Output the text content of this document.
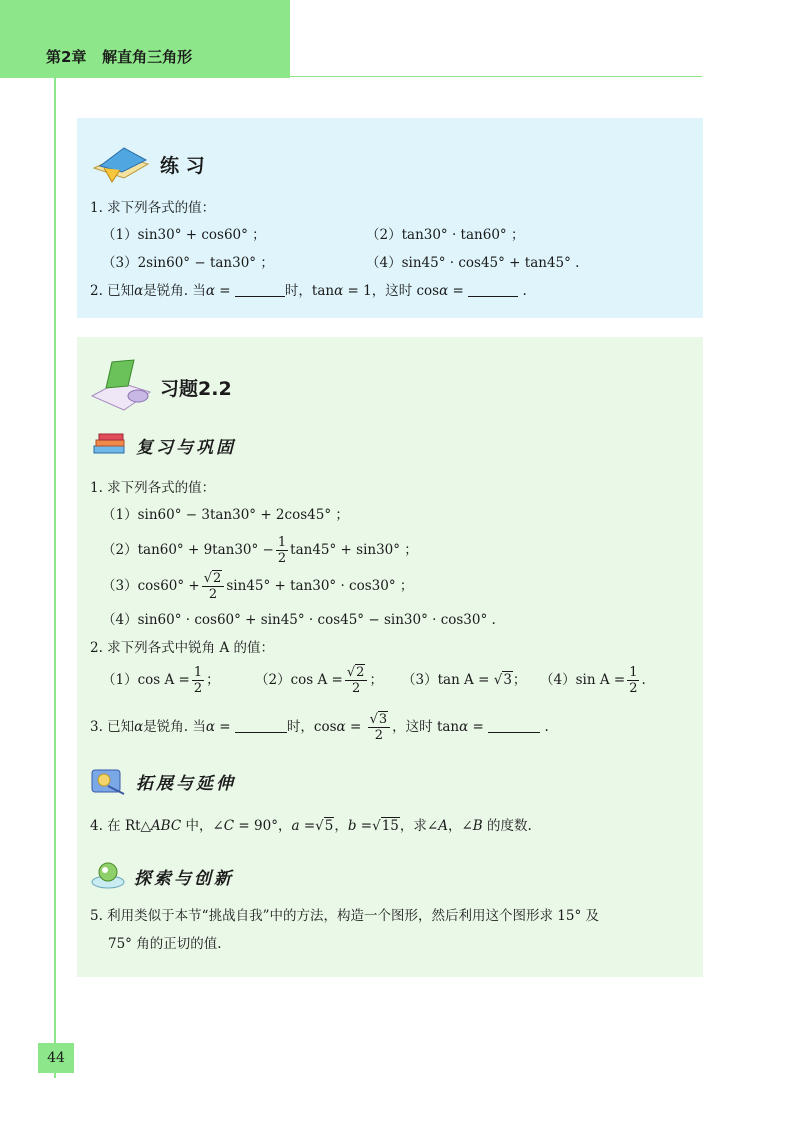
第2章 解直角三角形
44
练 习
1. 求下列各式的值：
（1）sin30° + cos60° ；	（2）tan30° · tan60° ；
（3）2sin60° − tan30° ；	（4）sin45° · cos45° + tan45° .
2. 已知α是锐角. 当α =	时，tanα = 1，这时 cosα =	.
习题2.2
复习与巩固
1. 求下列各式的值：
（1）sin60° − 3tan30° + 2cos45° ；
$(2)\tan 60^\circ + 9\tan 30^\circ - \frac{1}{2} \tan 45^\circ + \sin 30^\circ$ ；
$(3)\cos 60^\circ + \frac{√2}{2} \sin 45^\circ + \tan 30^\circ \cdot \cos 30^\circ$ ；
（4）sin60° · cos60° + sin45° · cos45° − sin30° · cos30° .
2. 求下列各式中锐角 A 的值：
（1）cos $A = \frac{1}{2}$ ；	（2）cos $A = \frac{√2}{2}$ ； （3）tan A = √3； （4）sin $A = \frac{1}{2}$ .
3. 已知α是锐角. 当α =	时，$\cos\alpha = \frac{√3}{2}$ ，这时 tanα =	.
拓展与延伸
4. 在 Rt△ABC 中，∠C = 90°，a =√5，b =√15，求∠A，∠B 的度数.
探索与创新
5. 利用类似于本节“挑战自我”中的方法，构造一个图形，然后利用这个图形求 15° 及
75° 角的正切的值.
